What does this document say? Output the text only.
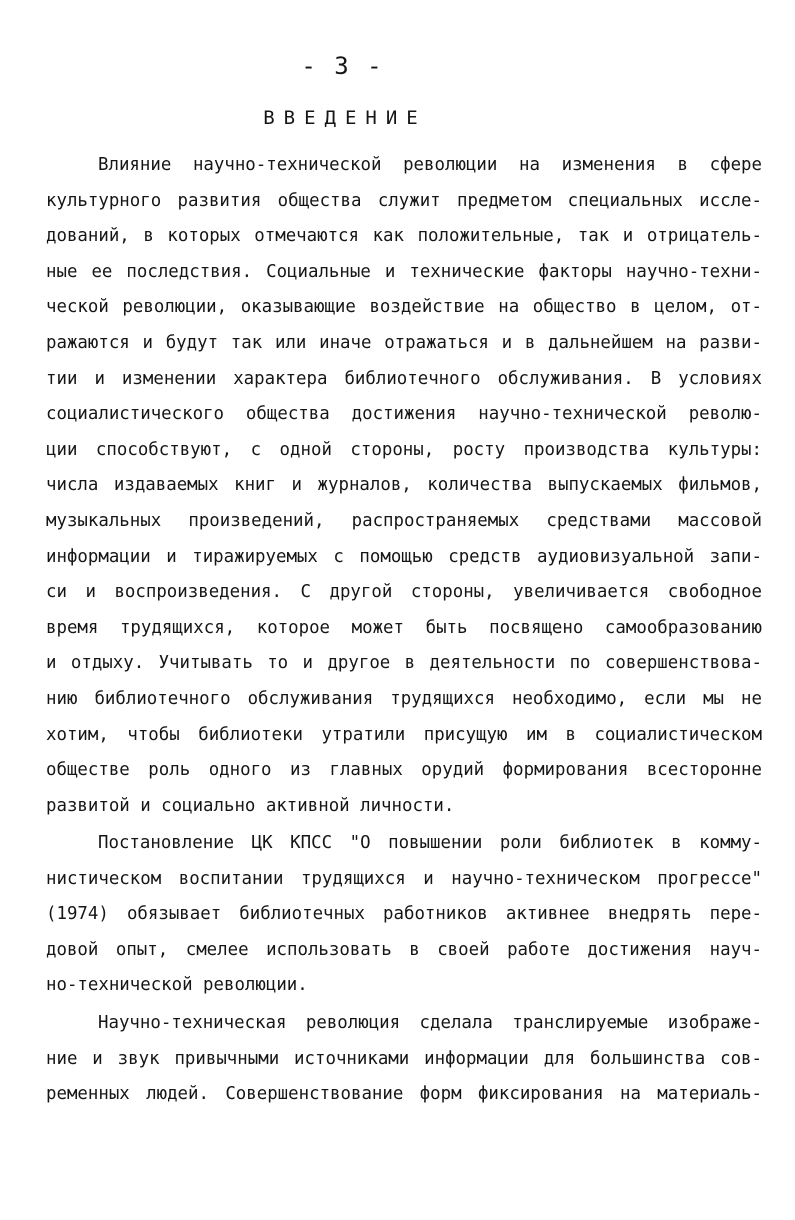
- 3 -
ВВЕДЕНИЕ
Влияние научно-технической революции на изменения в сфере
культурного развития общества служит предметом специальных иссле-
дований, в которых отмечаются как положительные, так и отрицатель-
ные ее последствия. Социальные и технические факторы научно-техни-
ческой революции, оказывающие воздействие на общество в целом, от-
ражаются и будут так или иначе отражаться и в дальнейшем на разви-
тии и изменении характера библиотечного обслуживания. В условиях
социалистического общества достижения научно-технической револю-
ции способствуют, с одной стороны, росту производства культуры:
числа издаваемых книг и журналов, количества выпускаемых фильмов,
музыкальных произведений, распространяемых средствами массовой
информации и тиражируемых с помощью средств аудиовизуальной запи-
си и воспроизведения. С другой стороны, увеличивается свободное
время трудящихся, которое может быть посвящено самообразованию
и отдыху. Учитывать то и другое в деятельности по совершенствова-
нию библиотечного обслуживания трудящихся необходимо, если мы не
хотим, чтобы библиотеки утратили присущую им в социалистическом
обществе роль одного из главных орудий формирования всесторонне
развитой и социально активной личности.
Постановление ЦК КПСС "О повышении роли библиотек в комму-
нистическом воспитании трудящихся и научно-техническом прогрессе"
(1974) обязывает библиотечных работников активнее внедрять пере-
довой опыт, смелее использовать в своей работе достижения науч-
но-технической революции.
Научно-техническая революция сделала транслируемые изображе-
ние и звук привычными источниками информации для большинства сов-
ременных людей. Совершенствование форм фиксирования на материаль-
